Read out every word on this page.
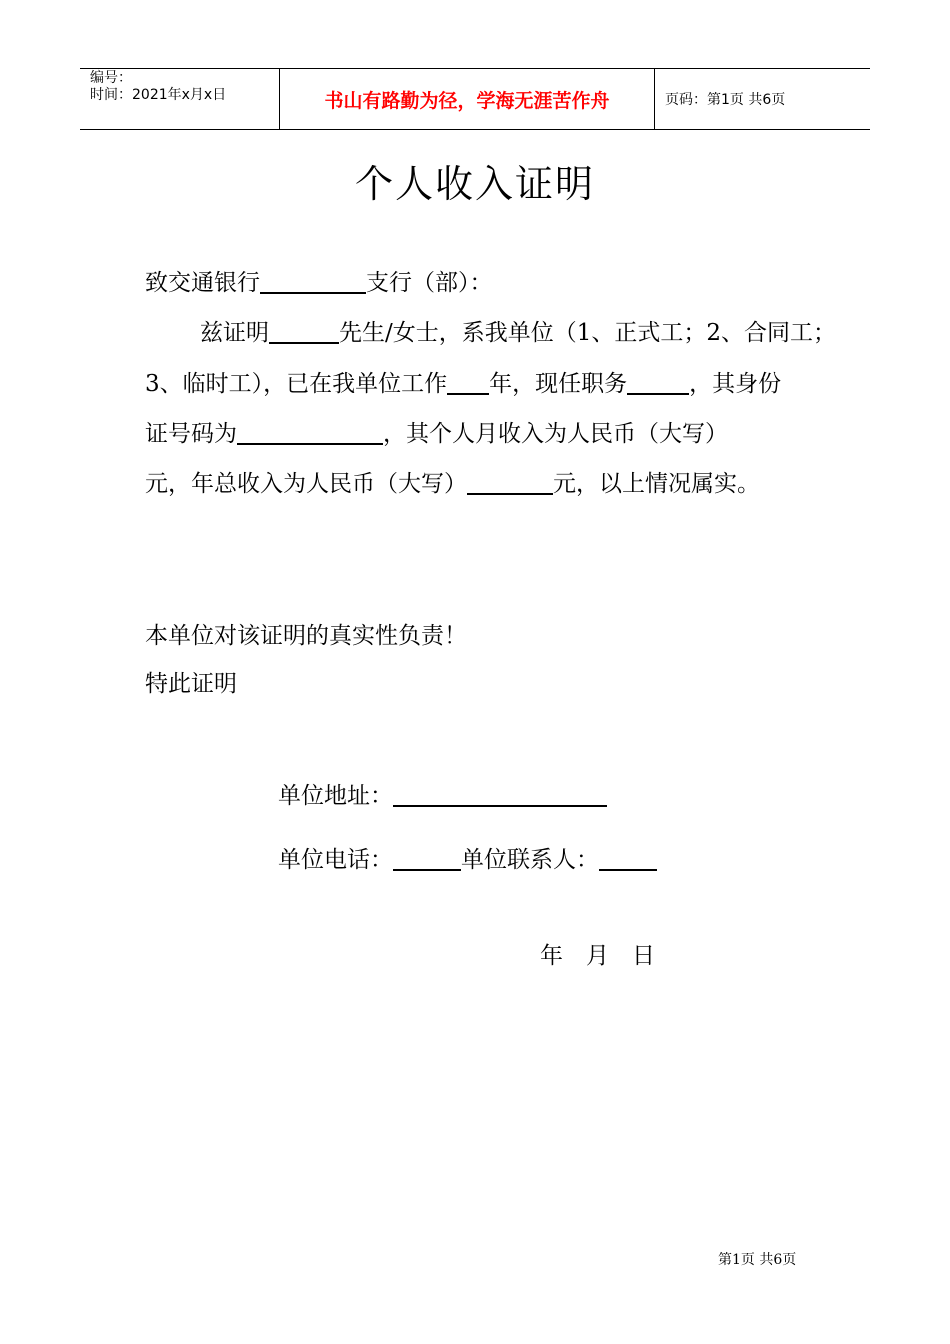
编号：
时间：2021年x月x日	书山有路勤为径，学海无涯苦作舟	页码：第1页 共6页
个人收入证明
致交通银行	支行（部）：
兹证明	先生/女士，系我单位（1、正式工；2、合同工；
3、临时工），已在我单位工作 年，现任职务	，其身份
证号码为	，其个人月收入为人民币（大写）
元，年总收入为人民币（大写）	元，以上情况属实。
本单位对该证明的真实性负责！
特此证明
单位地址：
单位电话：	单位联系人：
年　月　日
第1页 共6页
